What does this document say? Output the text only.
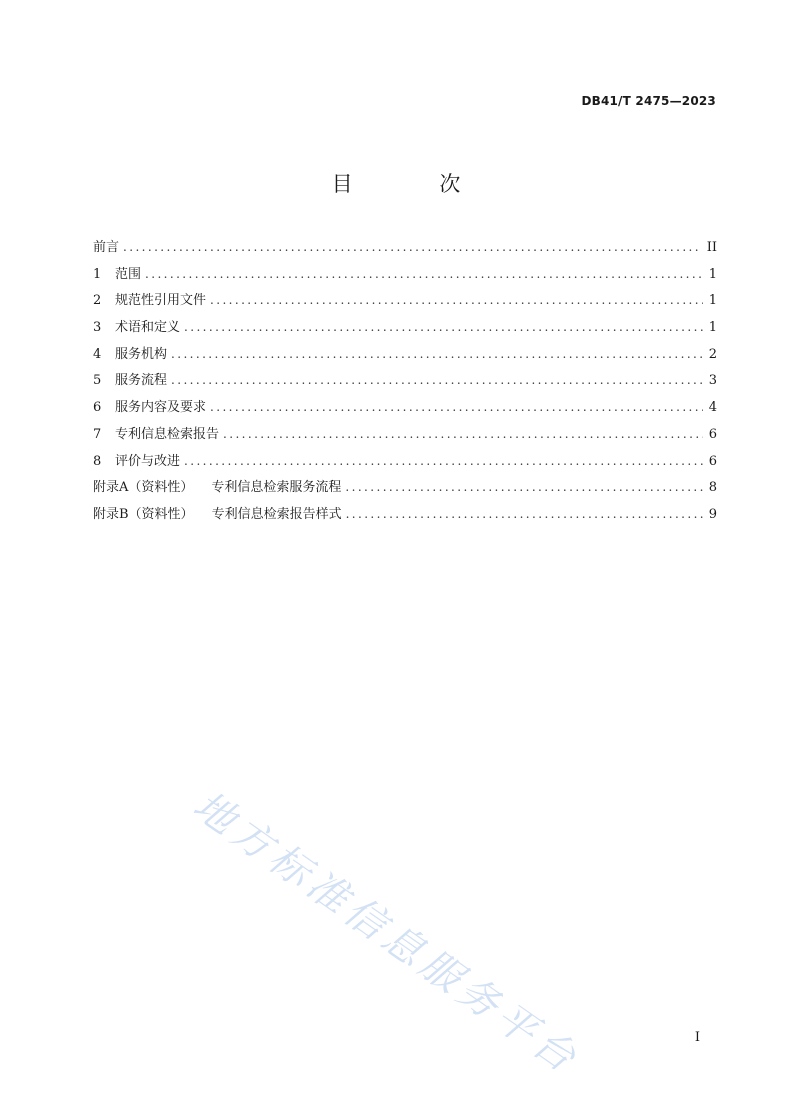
DB41/T 2475—2023
目 次
前言 .....	II
1	范围 .....	1
2	规范性引用文件 .....	1
3	术语和定义 .....	1
4	服务机构 .....	2
5	服务流程 .....	3
6	服务内容及要求 .....	4
7	专利信息检索报告 .....	6
8	评价与改进 .....	6
附录A（资料性） 专利信息检索服务流程 .....	8
附录B（资料性） 专利信息检索报告样式 .....	9
地方标准信息服务平台	I
